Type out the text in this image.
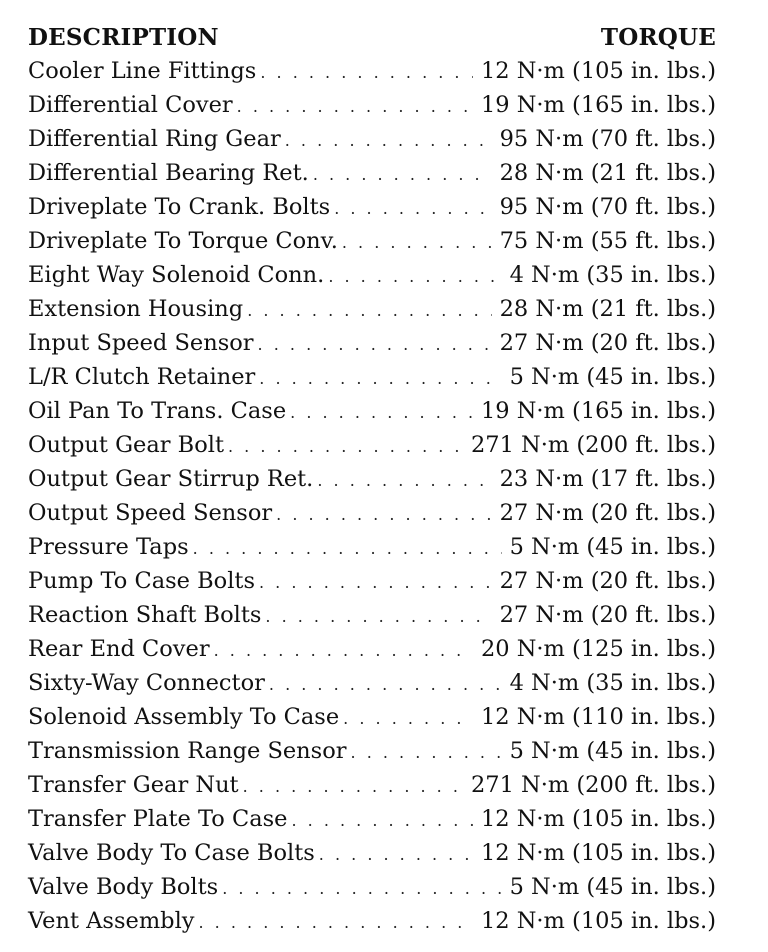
DESCRIPTION	TORQUE
Cooler Line Fittings . . .	12 N·m (105 in. lbs.)
Differential Cover . . .	19 N·m (165 in. lbs.)
Differential Ring Gear . . .	95 N·m (70 ft. lbs.)
Differential Bearing Ret. . . .	28 N·m (21 ft. lbs.)
Driveplate To Crank. Bolts . . .	95 N·m (70 ft. lbs.)
Driveplate To Torque Conv. . . .	75 N·m (55 ft. lbs.)
Eight Way Solenoid Conn. . . .	4 N·m (35 in. lbs.)
Extension Housing . . .	28 N·m (21 ft. lbs.)
Input Speed Sensor . . .	27 N·m (20 ft. lbs.)
L/R Clutch Retainer . . .	5 N·m (45 in. lbs.)
Oil Pan To Trans. Case . . .	19 N·m (165 in. lbs.)
Output Gear Bolt . . .	271 N·m (200 ft. lbs.)
Output Gear Stirrup Ret. . . .	23 N·m (17 ft. lbs.)
Output Speed Sensor . . .	27 N·m (20 ft. lbs.)
Pressure Taps . . .	5 N·m (45 in. lbs.)
Pump To Case Bolts . . .	27 N·m (20 ft. lbs.)
Reaction Shaft Bolts . . .	27 N·m (20 ft. lbs.)
Rear End Cover . . .	20 N·m (125 in. lbs.)
Sixty-Way Connector . . .	4 N·m (35 in. lbs.)
Solenoid Assembly To Case . . .	12 N·m (110 in. lbs.)
Transmission Range Sensor . . .	5 N·m (45 in. lbs.)
Transfer Gear Nut . . .	271 N·m (200 ft. lbs.)
Transfer Plate To Case . . .	12 N·m (105 in. lbs.)
Valve Body To Case Bolts . . .	12 N·m (105 in. lbs.)
Valve Body Bolts . . .	5 N·m (45 in. lbs.)
Vent Assembly . . .	12 N·m (105 in. lbs.)
